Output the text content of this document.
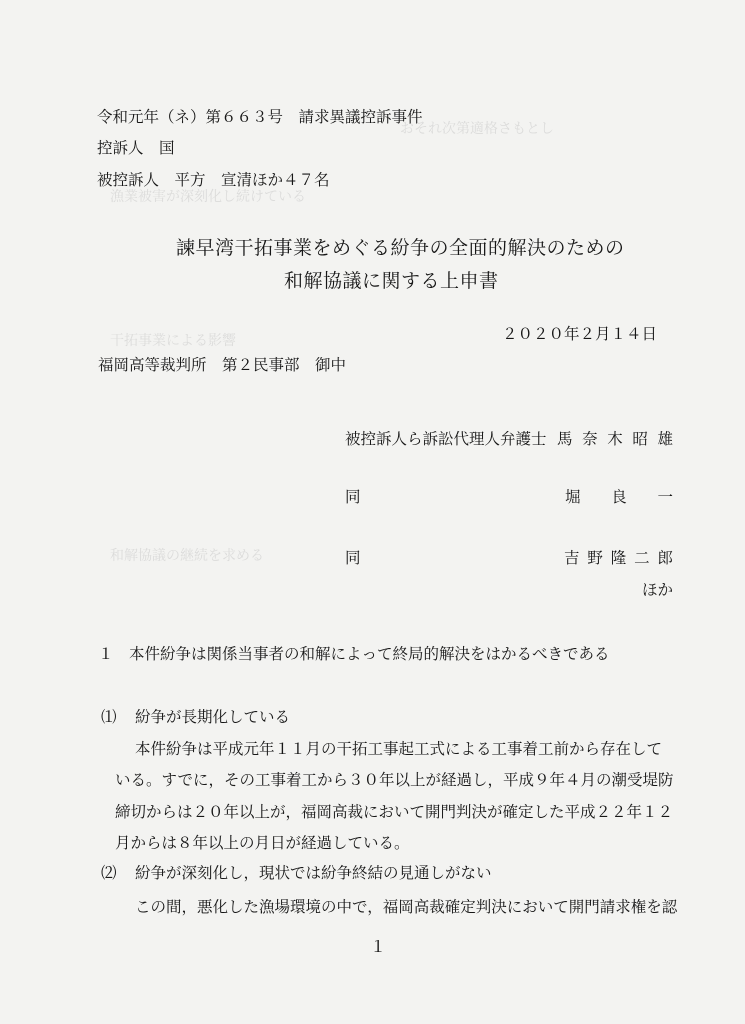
おそれ次第適格さもとし
漁業被害が深刻化し続けている
干拓事業による影響
和解協議の継続を求める
令和元年（ネ）第６６３号　請求異議控訴事件
控訴人　国
被控訴人　平方　宣清ほか４７名
諫早湾干拓事業をめぐる紛争の全面的解決のための
和解協議に関する上申書
２０２０年２月１４日
福岡高等裁判所　第２民事部　御中
被控訴人ら訴訟代理人弁護士 馬 奈 木 昭 雄
同	堀 良 一
同	吉 野 隆 二 郎
ほか
１　本件紛争は関係当事者の和解によって終局的解決をはかるべきである
⑴ 紛争が長期化している
本件紛争は平成元年１１月の干拓工事起工式による工事着工前から存在して
いる。すでに，その工事着工から３０年以上が経過し，平成９年４月の潮受堤防
締切からは２０年以上が，福岡高裁において開門判決が確定した平成２２年１２
月からは８年以上の月日が経過している。
⑵ 紛争が深刻化し，現状では紛争終結の見通しがない
この間，悪化した漁場環境の中で，福岡高裁確定判決において開門請求権を認
１
